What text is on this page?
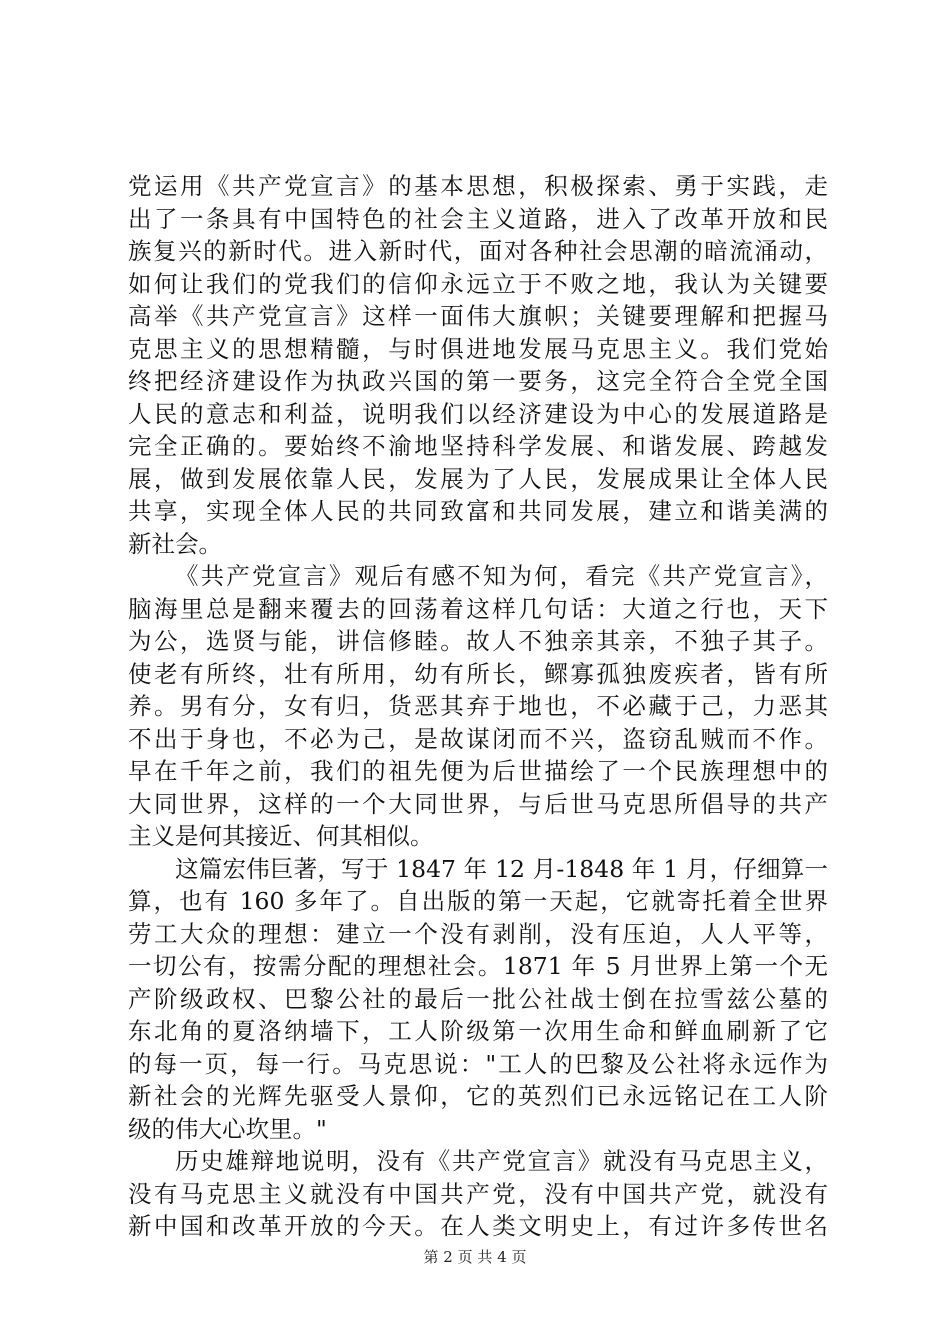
党运用《共产党宣言》的基本思想，积极探索、勇于实践，走
出了一条具有中国特色的社会主义道路，进入了改革开放和民
族复兴的新时代。进入新时代，面对各种社会思潮的暗流涌动，
如何让我们的党我们的信仰永远立于不败之地，我认为关键要
高举《共产党宣言》这样一面伟大旗帜；关键要理解和把握马
克思主义的思想精髓，与时俱进地发展马克思主义。我们党始
终把经济建设作为执政兴国的第一要务，这完全符合全党全国
人民的意志和利益，说明我们以经济建设为中心的发展道路是
完全正确的。要始终不渝地坚持科学发展、和谐发展、跨越发
展，做到发展依靠人民，发展为了人民，发展成果让全体人民
共享，实现全体人民的共同致富和共同发展，建立和谐美满的
新社会。
《共产党宣言》观后有感不知为何，看完《共产党宣言》，
脑海里总是翻来覆去的回荡着这样几句话：大道之行也，天下
为公，选贤与能，讲信修睦。故人不独亲其亲，不独子其子。
使老有所终，壮有所用，幼有所长，鳏寡孤独废疾者，皆有所
养。男有分，女有归，货恶其弃于地也，不必藏于己，力恶其
不出于身也，不必为己，是故谋闭而不兴，盗窃乱贼而不作。
早在千年之前，我们的祖先便为后世描绘了一个民族理想中的
大同世界，这样的一个大同世界，与后世马克思所倡导的共产
主义是何其接近、何其相似。
这篇宏伟巨著，写于 1847 年 12 月-1848 年 1 月，仔细算一
算，也有 160 多年了。自出版的第一天起，它就寄托着全世界
劳工大众的理想：建立一个没有剥削，没有压迫，人人平等，
一切公有，按需分配的理想社会。1871 年 5 月世界上第一个无
产阶级政权、巴黎公社的最后一批公社战士倒在拉雪兹公墓的
东北角的夏洛纳墙下，工人阶级第一次用生命和鲜血刷新了它
的每一页，每一行。马克思说："工人的巴黎及公社将永远作为
新社会的光辉先驱受人景仰，它的英烈们已永远铭记在工人阶
级的伟大心坎里。"
历史雄辩地说明，没有《共产党宣言》就没有马克思主义，
没有马克思主义就没有中国共产党，没有中国共产党，就没有
新中国和改革开放的今天。在人类文明史上，有过许多传世名
第 2 页 共 4 页
